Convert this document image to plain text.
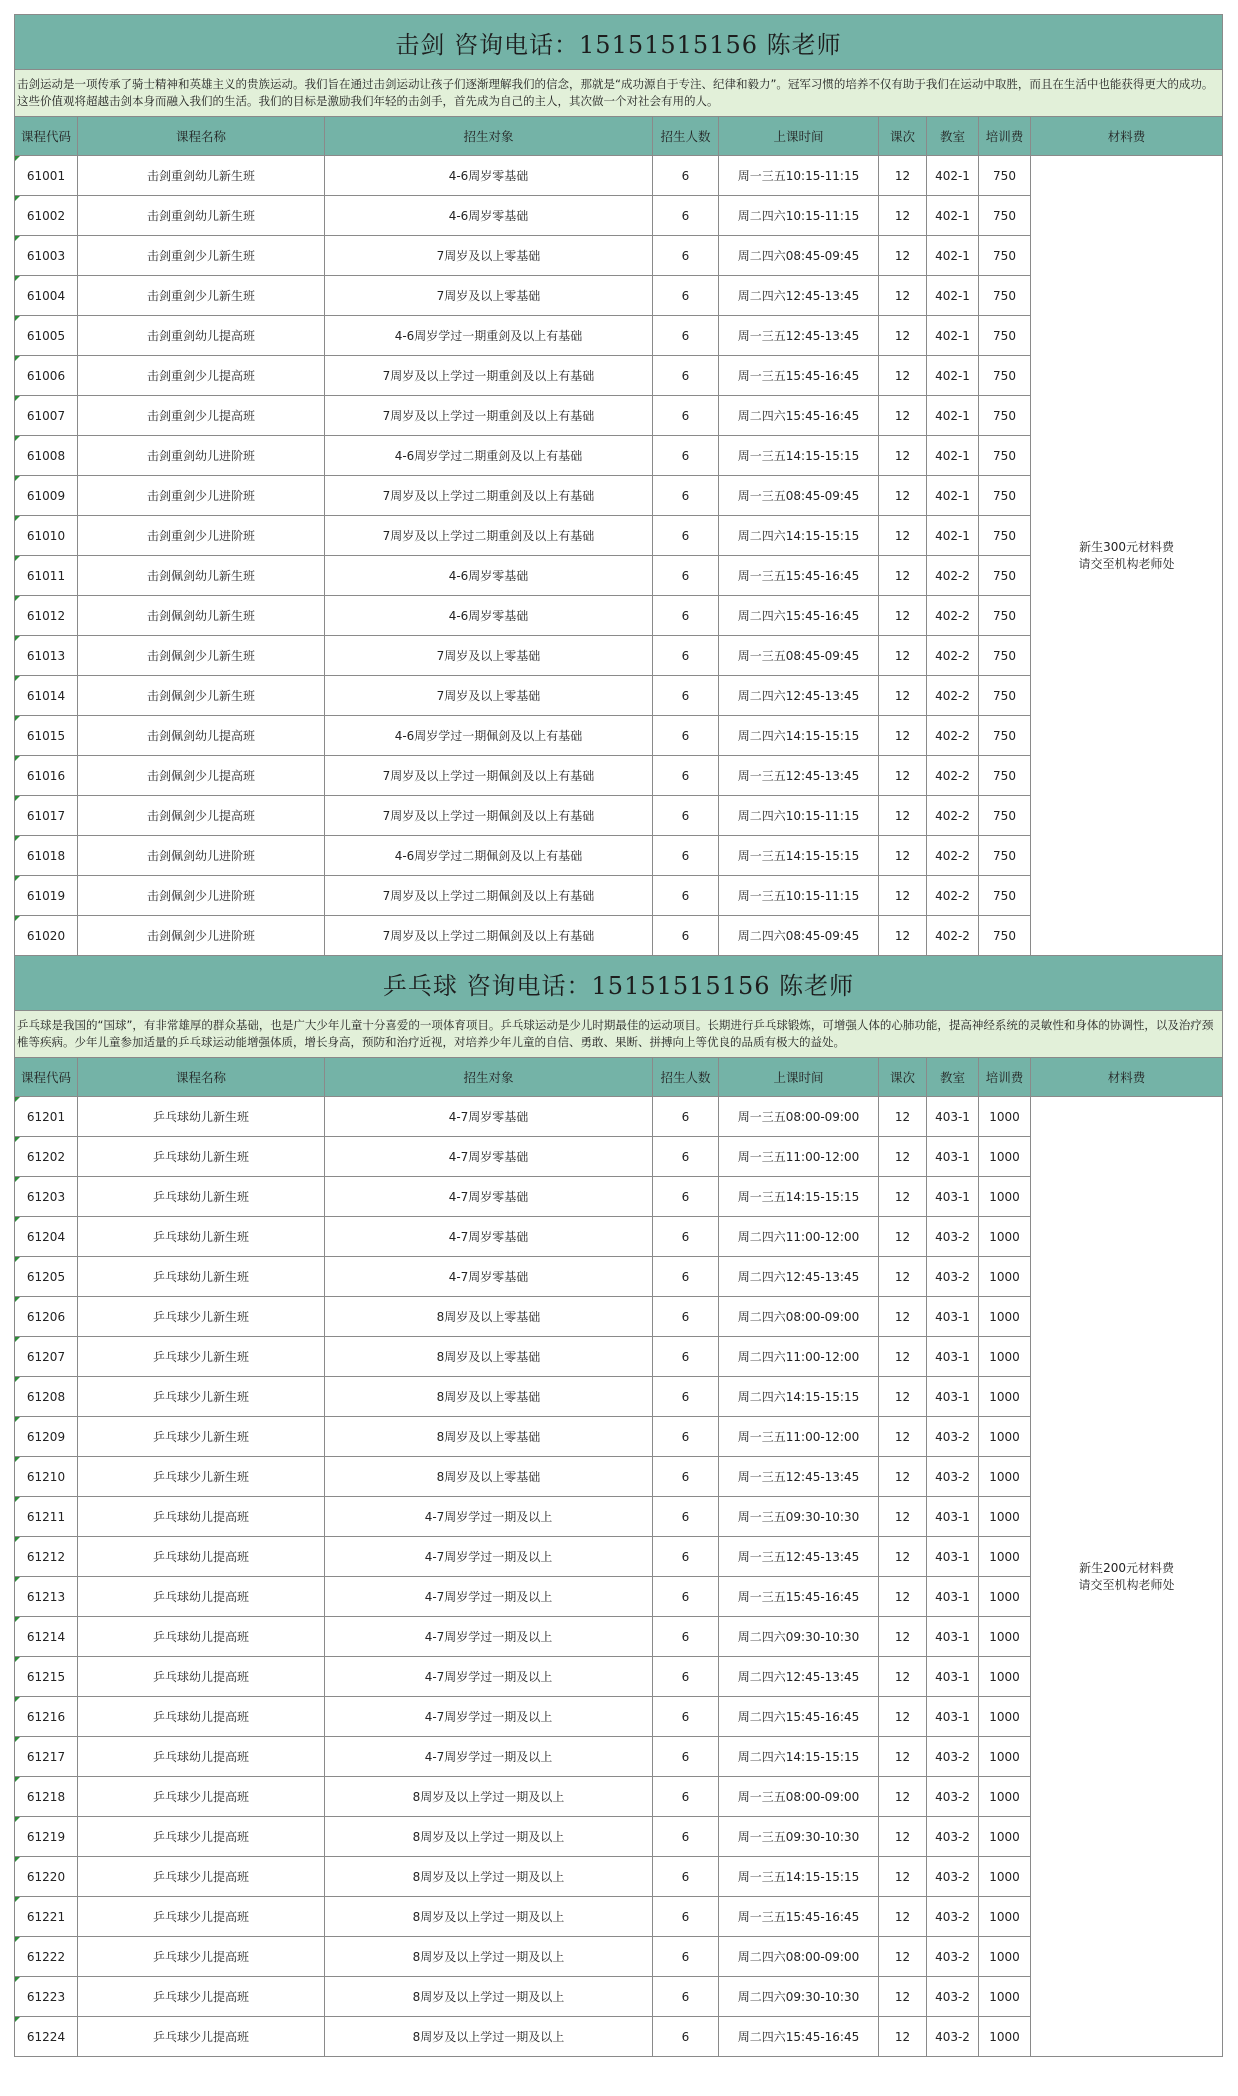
击剑 咨询电话：15151515156 陈老师								
击剑运动是一项传承了骑士精神和英雄主义的贵族运动。我们旨在通过击剑运动让孩子们逐渐理解我们的信念，那就是“成功源自于专注、纪律和毅力”。冠军习惯的培养不仅有助于我们在运动中取胜，而且在生活中也能获得更大的成功。这些价值观将超越击剑本身而融入我们的生活。我们的目标是激励我们年轻的击剑手，首先成为自己的主人，其次做一个对社会有用的人。								
课程代码	课程名称	招生对象	招生人数	上课时间	课次	教室	培训费	材料费
61001	击剑重剑幼儿新生班	4-6周岁零基础	6	周一三五10:15-11:15	12	402-1	750	新生300元材料费
请交至机构老师处

61002	击剑重剑幼儿新生班	4-6周岁零基础	6	周二四六10:15-11:15	12	402-1	750	
61003	击剑重剑少儿新生班	7周岁及以上零基础	6	周二四六08:45-09:45	12	402-1	750	
61004	击剑重剑少儿新生班	7周岁及以上零基础	6	周二四六12:45-13:45	12	402-1	750	
61005	击剑重剑幼儿提高班	4-6周岁学过一期重剑及以上有基础	6	周一三五12:45-13:45	12	402-1	750	
61006	击剑重剑少儿提高班	7周岁及以上学过一期重剑及以上有基础	6	周一三五15:45-16:45	12	402-1	750	
61007	击剑重剑少儿提高班	7周岁及以上学过一期重剑及以上有基础	6	周二四六15:45-16:45	12	402-1	750	
61008	击剑重剑幼儿进阶班	4-6周岁学过二期重剑及以上有基础	6	周一三五14:15-15:15	12	402-1	750	
61009	击剑重剑少儿进阶班	7周岁及以上学过二期重剑及以上有基础	6	周一三五08:45-09:45	12	402-1	750	
61010	击剑重剑少儿进阶班	7周岁及以上学过二期重剑及以上有基础	6	周二四六14:15-15:15	12	402-1	750	
61011	击剑佩剑幼儿新生班	4-6周岁零基础	6	周一三五15:45-16:45	12	402-2	750	
61012	击剑佩剑幼儿新生班	4-6周岁零基础	6	周二四六15:45-16:45	12	402-2	750	
61013	击剑佩剑少儿新生班	7周岁及以上零基础	6	周一三五08:45-09:45	12	402-2	750	
61014	击剑佩剑少儿新生班	7周岁及以上零基础	6	周二四六12:45-13:45	12	402-2	750	
61015	击剑佩剑幼儿提高班	4-6周岁学过一期佩剑及以上有基础	6	周二四六14:15-15:15	12	402-2	750	
61016	击剑佩剑少儿提高班	7周岁及以上学过一期佩剑及以上有基础	6	周一三五12:45-13:45	12	402-2	750	
61017	击剑佩剑少儿提高班	7周岁及以上学过一期佩剑及以上有基础	6	周二四六10:15-11:15	12	402-2	750	
61018	击剑佩剑幼儿进阶班	4-6周岁学过二期佩剑及以上有基础	6	周一三五14:15-15:15	12	402-2	750	
61019	击剑佩剑少儿进阶班	7周岁及以上学过二期佩剑及以上有基础	6	周一三五10:15-11:15	12	402-2	750	
61020	击剑佩剑少儿进阶班	7周岁及以上学过二期佩剑及以上有基础	6	周二四六08:45-09:45	12	402-2	750	
乒乓球 咨询电话：15151515156 陈老师								
乒乓球是我国的“国球”，有非常雄厚的群众基础，也是广大少年儿童十分喜爱的一项体育项目。乒乓球运动是少儿时期最佳的运动项目。长期进行乒乓球锻炼，可增强人体的心肺功能，提高神经系统的灵敏性和身体的协调性，以及治疗颈椎等疾病。少年儿童参加适量的乒乓球运动能增强体质，增长身高，预防和治疗近视，对培养少年儿童的自信、勇敢、果断、拼搏向上等优良的品质有极大的益处。								
课程代码	课程名称	招生对象	招生人数	上课时间	课次	教室	培训费	材料费
61201	乒乓球幼儿新生班	4-7周岁零基础	6	周一三五08:00-09:00	12	403-1	1000	新生200元材料费
请交至机构老师处

61202	乒乓球幼儿新生班	4-7周岁零基础	6	周一三五11:00-12:00	12	403-1	1000	
61203	乒乓球幼儿新生班	4-7周岁零基础	6	周一三五14:15-15:15	12	403-1	1000	
61204	乒乓球幼儿新生班	4-7周岁零基础	6	周二四六11:00-12:00	12	403-2	1000	
61205	乒乓球幼儿新生班	4-7周岁零基础	6	周二四六12:45-13:45	12	403-2	1000	
61206	乒乓球少儿新生班	8周岁及以上零基础	6	周二四六08:00-09:00	12	403-1	1000	
61207	乒乓球少儿新生班	8周岁及以上零基础	6	周二四六11:00-12:00	12	403-1	1000	
61208	乒乓球少儿新生班	8周岁及以上零基础	6	周二四六14:15-15:15	12	403-1	1000	
61209	乒乓球少儿新生班	8周岁及以上零基础	6	周一三五11:00-12:00	12	403-2	1000	
61210	乒乓球少儿新生班	8周岁及以上零基础	6	周一三五12:45-13:45	12	403-2	1000	
61211	乒乓球幼儿提高班	4-7周岁学过一期及以上	6	周一三五09:30-10:30	12	403-1	1000	
61212	乒乓球幼儿提高班	4-7周岁学过一期及以上	6	周一三五12:45-13:45	12	403-1	1000	
61213	乒乓球幼儿提高班	4-7周岁学过一期及以上	6	周一三五15:45-16:45	12	403-1	1000	
61214	乒乓球幼儿提高班	4-7周岁学过一期及以上	6	周二四六09:30-10:30	12	403-1	1000	
61215	乒乓球幼儿提高班	4-7周岁学过一期及以上	6	周二四六12:45-13:45	12	403-1	1000	
61216	乒乓球幼儿提高班	4-7周岁学过一期及以上	6	周二四六15:45-16:45	12	403-1	1000	
61217	乒乓球幼儿提高班	4-7周岁学过一期及以上	6	周二四六14:15-15:15	12	403-2	1000	
61218	乒乓球少儿提高班	8周岁及以上学过一期及以上	6	周一三五08:00-09:00	12	403-2	1000	
61219	乒乓球少儿提高班	8周岁及以上学过一期及以上	6	周一三五09:30-10:30	12	403-2	1000	
61220	乒乓球少儿提高班	8周岁及以上学过一期及以上	6	周一三五14:15-15:15	12	403-2	1000	
61221	乒乓球少儿提高班	8周岁及以上学过一期及以上	6	周一三五15:45-16:45	12	403-2	1000	
61222	乒乓球少儿提高班	8周岁及以上学过一期及以上	6	周二四六08:00-09:00	12	403-2	1000	
61223	乒乓球少儿提高班	8周岁及以上学过一期及以上	6	周二四六09:30-10:30	12	403-2	1000	
61224	乒乓球少儿提高班	8周岁及以上学过一期及以上	6	周二四六15:45-16:45	12	403-2	1000	
